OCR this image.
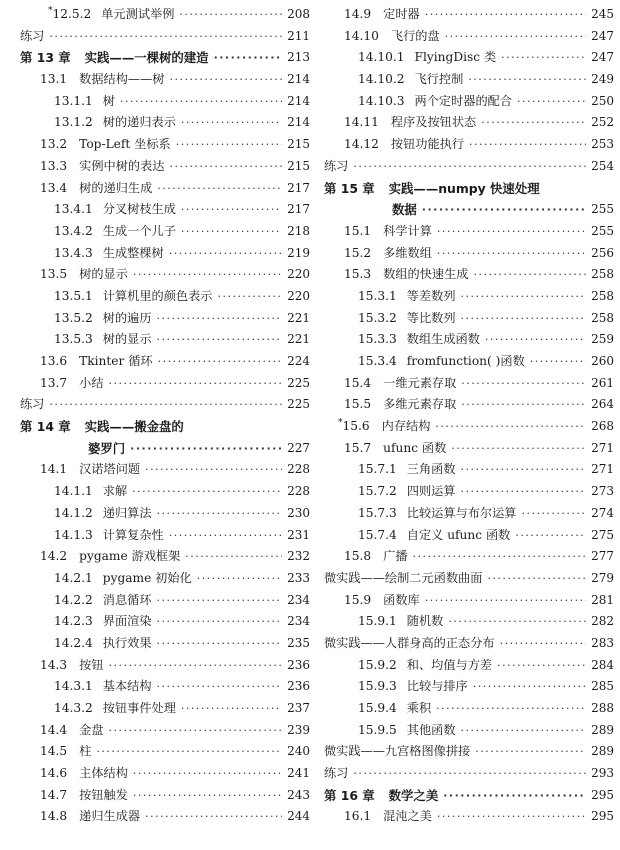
*12.5.2 单元测试举例 ·····	208
练习 ·····	211
第 13 章 实践——一棵树的建造 ·····	213
13.1 数据结构——树 ·····	214
13.1.1 树 ·····	214
13.1.2 树的递归表示 ·····	214
13.2 Top-Left 坐标系 ·····	215
13.3 实例中树的表达 ·····	215
13.4 树的递归生成 ·····	217
13.4.1 分叉树枝生成 ·····	217
13.4.2 生成一个儿子 ·····	218
13.4.3 生成整棵树 ·····	219
13.5 树的显示 ·····	220
13.5.1 计算机里的颜色表示 ·····	220
13.5.2 树的遍历 ·····	221
13.5.3 树的显示 ·····	221
13.6 Tkinter 循环 ·····	224
13.7 小结 ·····	225
练习 ·····	225
第 14 章 实践——搬金盘的
婆罗门 ·····	227
14.1 汉诺塔问题 ·····	228
14.1.1 求解 ·····	228
14.1.2 递归算法 ·····	230
14.1.3 计算复杂性 ·····	231
14.2 pygame 游戏框架 ·····	232
14.2.1 pygame 初始化 ·····	233
14.2.2 消息循环 ·····	234
14.2.3 界面渲染 ·····	234
14.2.4 执行效果 ·····	235
14.3 按钮 ·····	236
14.3.1 基本结构 ·····	236
14.3.2 按钮事件处理 ·····	237
14.4 金盘 ·····	239
14.5 柱 ·····	240
14.6 主体结构 ·····	241
14.7 按钮触发 ·····	243
14.8 递归生成器 ·····	244
14.9 定时器 ·····	245
14.10 飞行的盘 ·····	247
14.10.1 FlyingDisc 类 ·····	247
14.10.2 飞行控制 ·····	249
14.10.3 两个定时器的配合 ·····	250
14.11 程序及按钮状态 ·····	252
14.12 按钮功能执行 ·····	253
练习 ·····	254
第 15 章 实践——numpy 快速处理
数据 ·····	255
15.1 科学计算 ·····	255
15.2 多维数组 ·····	256
15.3 数组的快速生成 ·····	258
15.3.1 等差数列 ·····	258
15.3.2 等比数列 ·····	258
15.3.3 数组生成函数 ·····	259
15.3.4 fromfunction( )函数 ·····	260
15.4 一维元素存取 ·····	261
15.5 多维元素存取 ·····	264
*15.6 内存结构 ·····	268
15.7 ufunc 函数 ·····	271
15.7.1 三角函数 ·····	271
15.7.2 四则运算 ·····	273
15.7.3 比较运算与布尔运算 ·····	274
15.7.4 自定义 ufunc 函数 ·····	275
15.8 广播 ·····	277
微实践——绘制二元函数曲面 ·····	279
15.9 函数库 ·····	281
15.9.1 随机数 ·····	282
微实践——人群身高的正态分布 ·····	283
15.9.2 和、均值与方差 ·····	284
15.9.3 比较与排序 ·····	285
15.9.4 乘积 ·····	288
15.9.5 其他函数 ·····	289
微实践——九宫格图像拼接 ·····	289
练习 ·····	293
第 16 章 数学之美 ·····	295
16.1 混沌之美 ·····	295
